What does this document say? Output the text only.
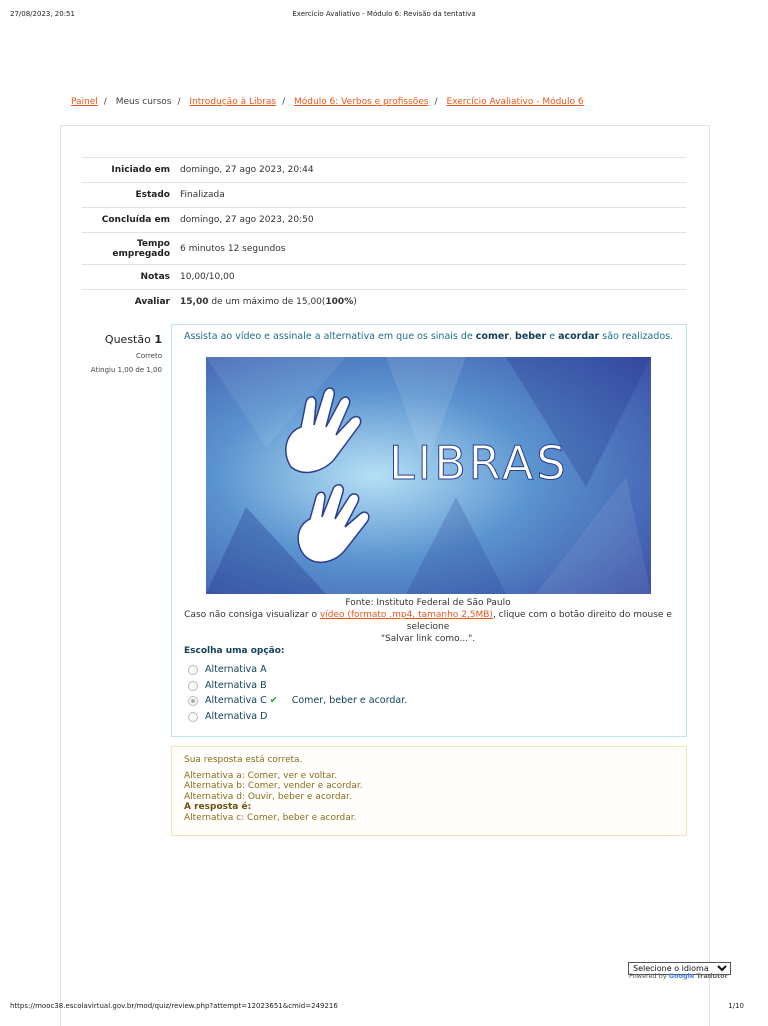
27/08/2023, 20:51	Exercício Avaliativo - Módulo 6: Revisão da tentativa
Painel / Meus cursos / Introdução à Libras / Módulo 6: Verbos e profissões / Exercício Avaliativo - Módulo 6
Iniciado em	domingo, 27 ago 2023, 20:44
Estado	Finalizada
Concluída em	domingo, 27 ago 2023, 20:50
Tempo empregado	6 minutos 12 segundos
Notas	10,00/10,00
Avaliar	15,00 de um máximo de 15,00(100%)
Questão 1
Correto
Atingiu 1,00 de 1,00
Assista ao vídeo e assinale a alternativa em que os sinais de comer, beber e acordar são realizados.
LIBRAS
Fonte: Instituto Federal de São Paulo
Caso não consiga visualizar o vídeo (formato .mp4, tamanho 2,5MB), clique com o botão direito do mouse e selecione
"Salvar link como...".
Escolha uma opção:
Alternativa A
Alternativa B
Alternativa C ✔ Comer, beber e acordar.
Alternativa D
Sua resposta está correta.
Alternativa a: Comer, ver e voltar.
Alternativa b: Comer, vender e acordar.
Alternativa d: Ouvir, beber e acordar.
A resposta é:
Alternativa c: Comer, beber e acordar.
Selecione o idioma
Powered by Google Tradutor
https://mooc38.escolavirtual.gov.br/mod/quiz/review.php?attempt=12023651&cmid=249216	1/10
